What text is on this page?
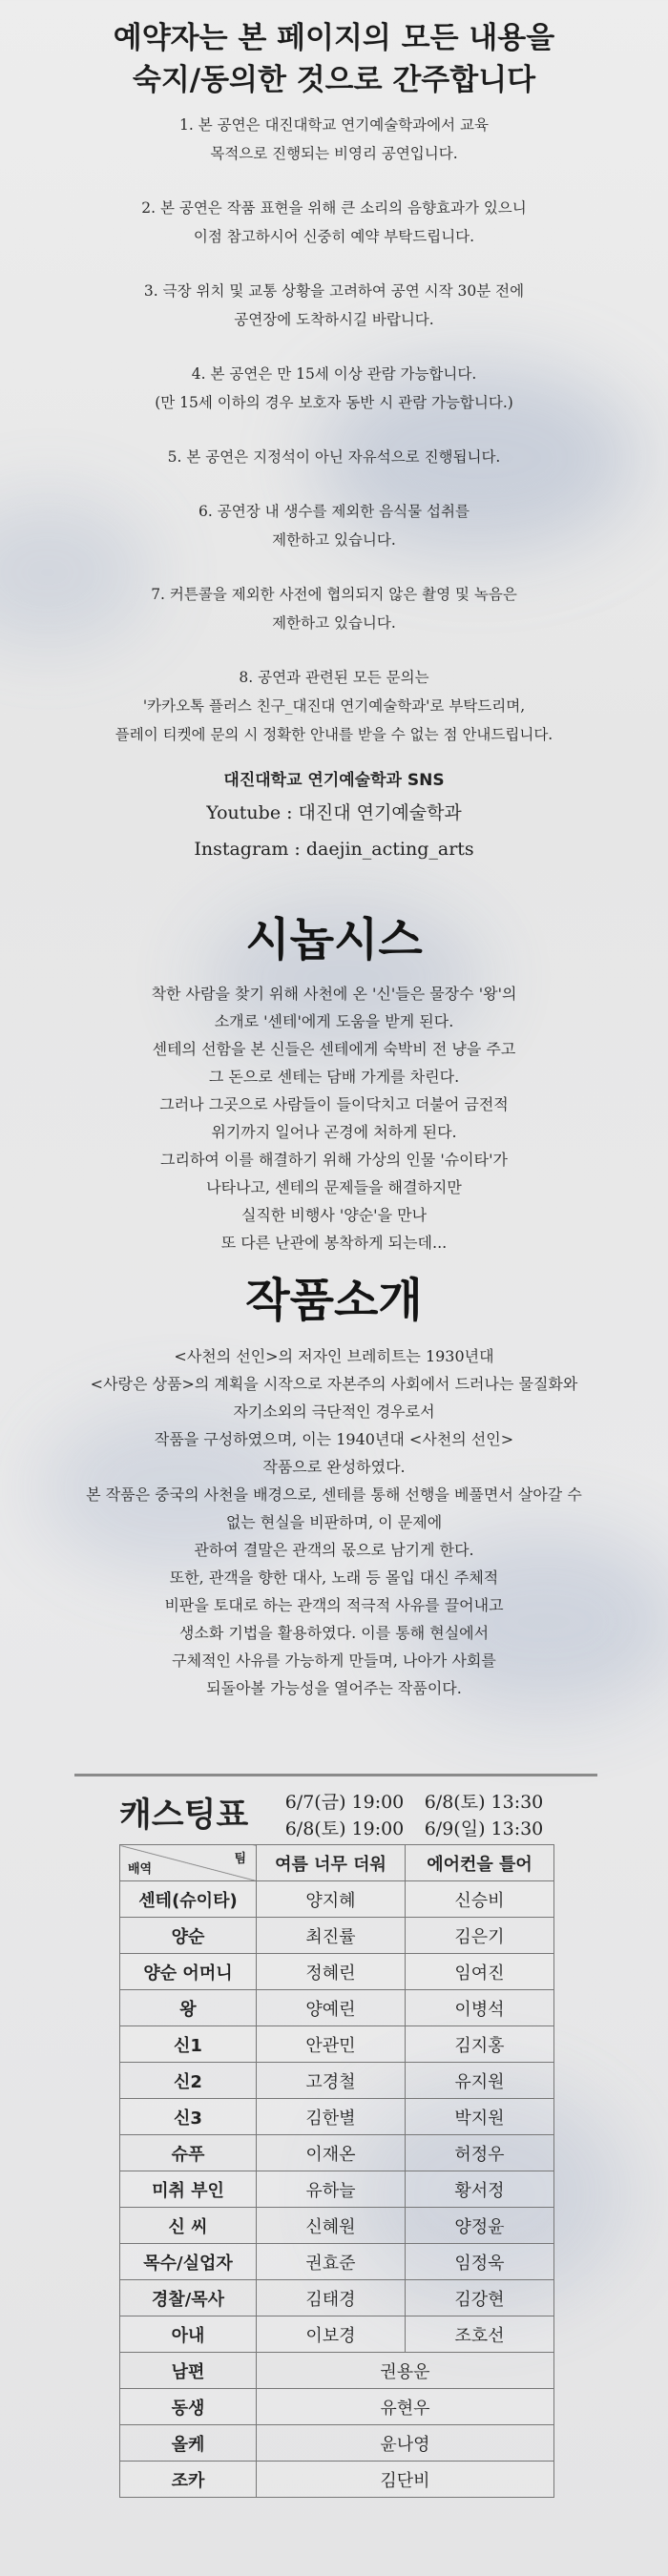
예약자는 본 페이지의 모든 내용을
숙지/동의한 것으로 간주합니다
1. 본 공연은 대진대학교 연기예술학과에서 교육
목적으로 진행되는 비영리 공연입니다.
2. 본 공연은 작품 표현을 위해 큰 소리의 음향효과가 있으니
이점 참고하시어 신중히 예약 부탁드립니다.
3. 극장 위치 및 교통 상황을 고려하여 공연 시작 30분 전에
공연장에 도착하시길 바랍니다.
4. 본 공연은 만 15세 이상 관람 가능합니다.
(만 15세 이하의 경우 보호자 동반 시 관람 가능합니다.)
5. 본 공연은 지정석이 아닌 자유석으로 진행됩니다.
6. 공연장 내 생수를 제외한 음식물 섭취를
제한하고 있습니다.
7. 커튼콜을 제외한 사전에 협의되지 않은 촬영 및 녹음은
제한하고 있습니다.
8. 공연과 관련된 모든 문의는
'카카오톡 플러스 친구_대진대 연기예술학과'로 부탁드리며,
플레이 티켓에 문의 시 정확한 안내를 받을 수 없는 점 안내드립니다.

대진대학교 연기예술학과 SNS

Youtube : 대진대 연기예술학과

Instagram : daejin_acting_arts

시놉시스

착한 사람을 찾기 위해 사천에 온 '신'들은 물장수 '왕'의

소개로 '센테'에게 도움을 받게 된다.

센테의 선함을 본 신들은 센테에게 숙박비 전 냥을 주고

그 돈으로 센테는 담배 가게를 차린다.

그러나 그곳으로 사람들이 들이닥치고 더불어 금전적

위기까지 일어나 곤경에 처하게 된다.

그리하여 이를 해결하기 위해 가상의 인물 '슈이타'가

나타나고, 센테의 문제들을 해결하지만

실직한 비행사 '양순'을 만나

또 다른 난관에 봉착하게 되는데...

작품소개

<사천의 선인>의 저자인 브레히트는 1930년대

<사랑은 상품>의 계획을 시작으로 자본주의 사회에서 드러나는 물질화와

자기소외의 극단적인 경우로서

작품을 구성하였으며, 이는 1940년대 <사천의 선인>

작품으로 완성하였다.

본 작품은 중국의 사천을 배경으로, 센테를 통해 선행을 베풀면서 살아갈 수

없는 현실을 비판하며, 이 문제에

관하여 결말은 관객의 몫으로 남기게 한다.

또한, 관객을 향한 대사, 노래 등 몰입 대신 주체적

비판을 토대로 하는 관객의 적극적 사유를 끌어내고

생소화 기법을 활용하였다. 이를 통해 현실에서

구체적인 사유를 가능하게 만들며, 나아가 사회를

되돌아볼 가능성을 열어주는 작품이다.

캐스팅표	6/7(금) 19:00	6/8(토) 13:30
6/8(토) 19:00	6/9(일) 13:30
배역
팀	여름 너무 더워	에어컨을 틀어
센테(슈이타)	양지혜	신승비
양순	최진률	김은기
양순 어머니	정혜린	임여진
왕	양예린	이병석
신1	안관민	김지홍
신2	고경철	유지원
신3	김한별	박지원
슈푸	이재온	허정우
미취 부인	유하늘	황서정
신 씨	신혜원	양정윤
목수/실업자	권효준	임정욱
경찰/목사	김태경	김강현
아내	이보경	조호선
남편	권용운	
동생	유현우	
올케	윤나영	
조카	김단비	
